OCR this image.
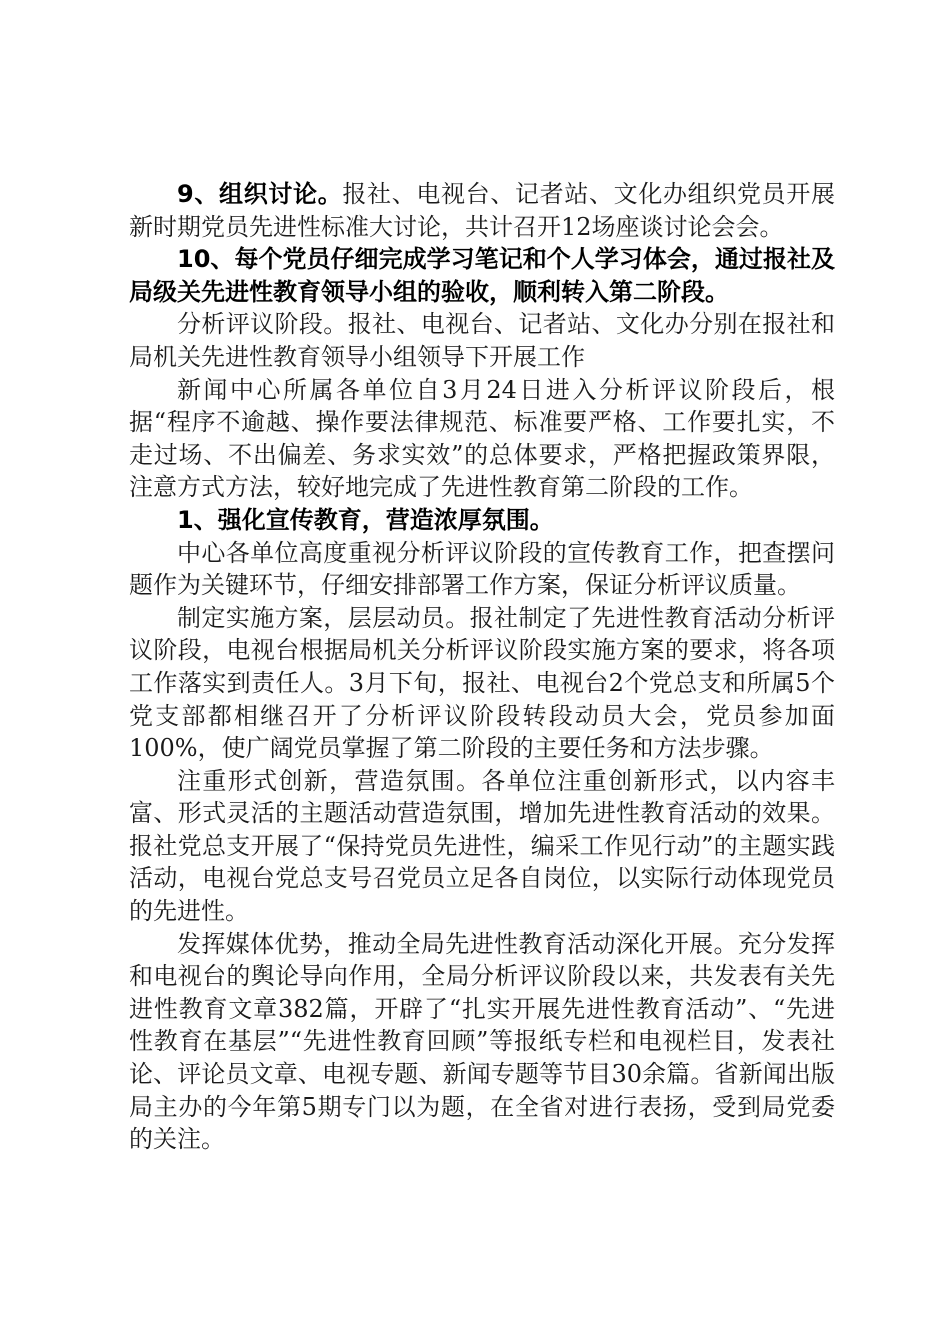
9、组织讨论。报社、电视台、记者站、文化办组织党员开展新时期党员先进性标准大讨论，共计召开12场座谈讨论会会。

10、每个党员仔细完成学习笔记和个人学习体会，通过报社及局级关先进性教育领导小组的验收，顺利转入第二阶段。

分析评议阶段。报社、电视台、记者站、文化办分别在报社和局机关先进性教育领导小组领导下开展工作

新闻中心所属各单位自3月24日进入分析评议阶段后，根据“程序不逾越、操作要法律规范、标准要严格、工作要扎实，不走过场、不出偏差、务求实效”的总体要求，严格把握政策界限，注意方式方法，较好地完成了先进性教育第二阶段的工作。

1、强化宣传教育，营造浓厚氛围。

中心各单位高度重视分析评议阶段的宣传教育工作，把查摆问题作为关键环节，仔细安排部署工作方案，保证分析评议质量。

制定实施方案，层层动员。报社制定了先进性教育活动分析评议阶段，电视台根据局机关分析评议阶段实施方案的要求，将各项工作落实到责任人。3月下旬，报社、电视台2个党总支和所属5个党支部都相继召开了分析评议阶段转段动员大会，党员参加面100%，使广阔党员掌握了第二阶段的主要任务和方法步骤。

注重形式创新，营造氛围。各单位注重创新形式，以内容丰富、形式灵活的主题活动营造氛围，增加先进性教育活动的效果。报社党总支开展了“保持党员先进性，编采工作见行动”的主题实践活动，电视台党总支号召党员立足各自岗位，以实际行动体现党员的先进性。

发挥媒体优势，推动全局先进性教育活动深化开展。充分发挥和电视台的舆论导向作用，全局分析评议阶段以来，共发表有关先进性教育文章382篇，开辟了“扎实开展先进性教育活动”、“先进性教育在基层”“先进性教育回顾”等报纸专栏和电视栏目，发表社论、评论员文章、电视专题、新闻专题等节目30余篇。省新闻出版局主办的今年第5期专门以为题，在全省对进行表扬，受到局党委的关注。
